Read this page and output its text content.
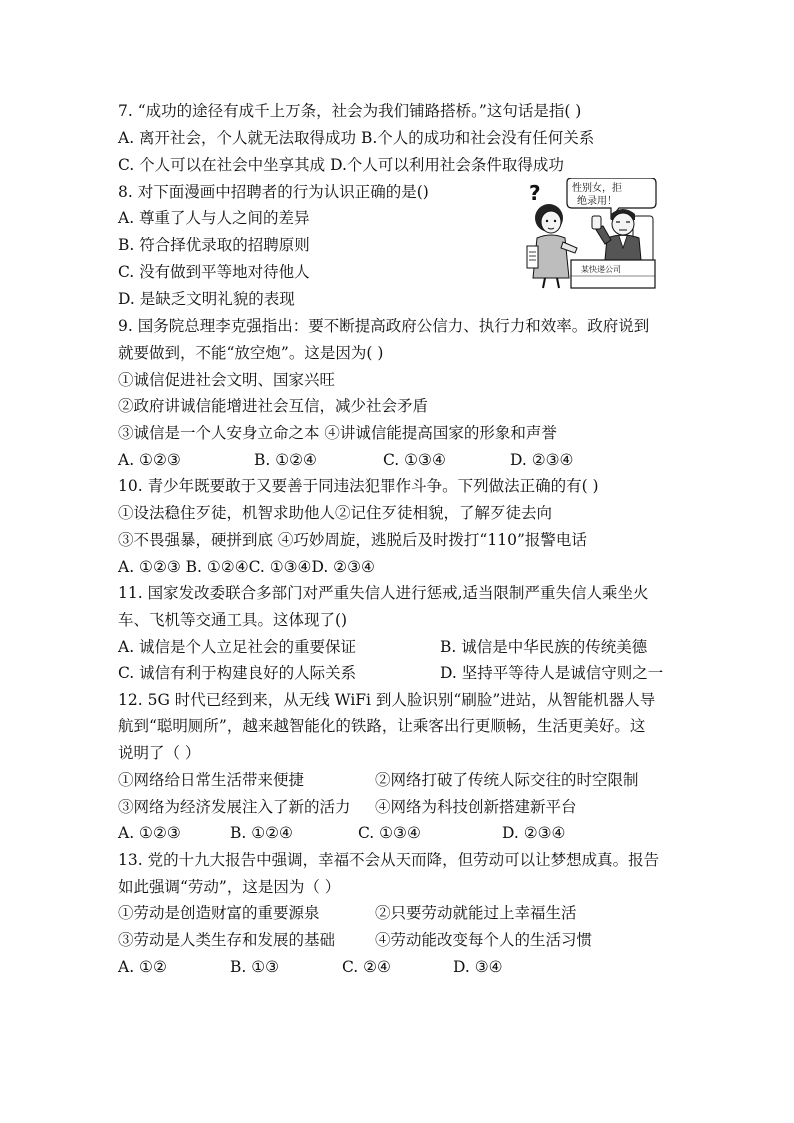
7. “成功的途径有成千上万条，社会为我们铺路搭桥。”这句话是指( )
A. 离开社会，个人就无法取得成功 B.个人的成功和社会没有任何关系
C. 个人可以在社会中坐享其成 D.个人可以利用社会条件取得成功
8. 对下面漫画中招聘者的行为认识正确的是()
A. 尊重了人与人之间的差异
B. 符合择优录取的招聘原则
C. 没有做到平等地对待他人
D. 是缺乏文明礼貌的表现
?	性别女，拒
绝录用！
某快递公司
9. 国务院总理李克强指出：要不断提高政府公信力、执行力和效率。政府说到
就要做到，不能“放空炮”。这是因为( )
①诚信促进社会文明、国家兴旺
②政府讲诚信能增进社会互信，减少社会矛盾
③诚信是一个人安身立命之本 ④讲诚信能提高国家的形象和声誉
A. ①②③	B. ①②④	C. ①③④	D. ②③④
10. 青少年既要敢于又要善于同违法犯罪作斗争。下列做法正确的有( )
①设法稳住歹徒，机智求助他人②记住歹徒相貌，了解歹徒去向
③不畏强暴，硬拼到底 ④巧妙周旋，逃脱后及时拨打“110”报警电话
A. ①②③ B. ①②④C. ①③④D. ②③④
11. 国家发改委联合多部门对严重失信人进行惩戒,适当限制严重失信人乘坐火
车、飞机等交通工具。这体现了()
A. 诚信是个人立足社会的重要保证	B. 诚信是中华民族的传统美德
C. 诚信有利于构建良好的人际关系	D. 坚持平等待人是诚信守则之一
12. 5G 时代已经到来，从无线 WiFi 到人脸识别“刷脸”进站，从智能机器人导
航到“聪明厕所”，越来越智能化的铁路，让乘客出行更顺畅，生活更美好。这
说明了（ ）
①网络给日常生活带来便捷	②网络打破了传统人际交往的时空限制
③网络为经济发展注入了新的活力 ④网络为科技创新搭建新平台
A. ①②③	B. ①②④	C. ①③④	D. ②③④
13. 党的十九大报告中强调，幸福不会从天而降，但劳动可以让梦想成真。报告
如此强调“劳动”，这是因为（ ）
①劳动是创造财富的重要源泉	②只要劳动就能过上幸福生活
③劳动是人类生存和发展的基础	④劳动能改变每个人的生活习惯
A. ①②	B. ①③	C. ②④	D. ③④
